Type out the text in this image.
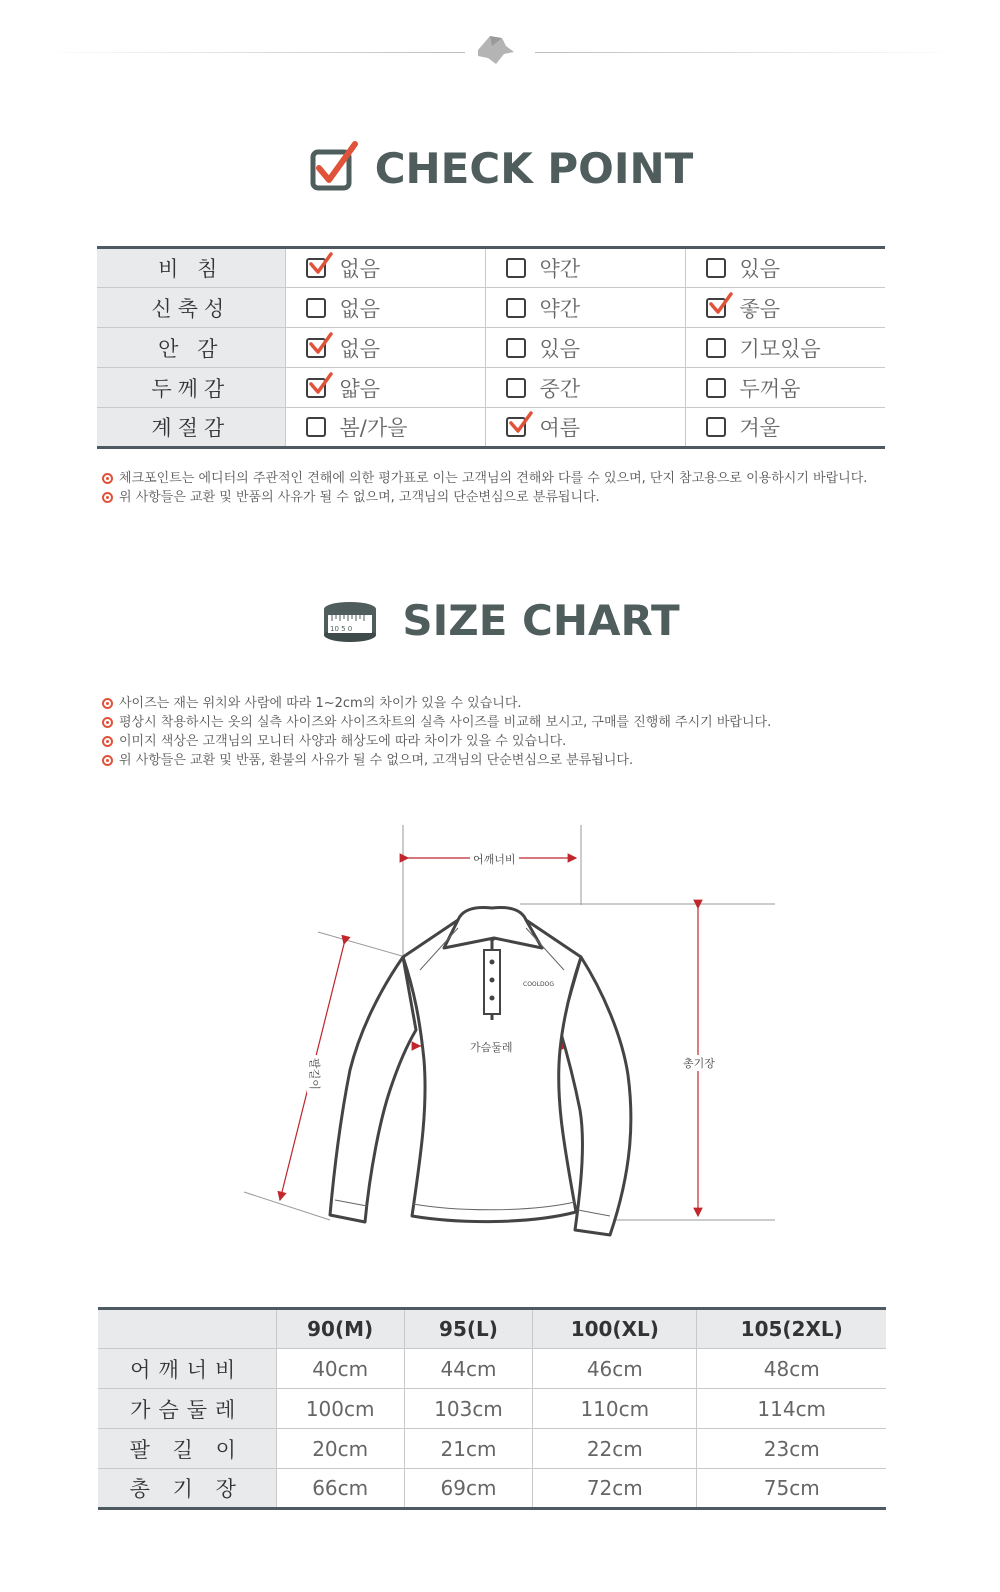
CHECK POINT
비 침	없음	약간	있음

신축성	없음	약간	좋음

안 감	없음	있음	기모있음

두께감	얇음	중간	두꺼움

계절감	봄/가을	여름	겨울
체크포인트는 에디터의 주관적인 견해에 의한 평가표로 이는 고객님의 견해와 다를 수 있으며, 단지 참고용으로 이용하시기 바랍니다.
위 사항들은 교환 및 반품의 사유가 될 수 없으며, 고객님의 단순변심으로 분류됩니다.
10 5 0 SIZE CHART
사이즈는 재는 위치와 사람에 따라 1~2cm의 차이가 있을 수 있습니다.
평상시 착용하시는 옷의 실측 사이즈와 사이즈차트의 실측 사이즈를 비교해 보시고, 구매를 진행해 주시기 바랍니다.
이미지 색상은 고객님의 모니터 사양과 해상도에 따라 차이가 있을 수 있습니다.
위 사항들은 교환 및 반품, 환불의 사유가 될 수 없으며, 고객님의 단순변심으로 분류됩니다.
COOLDOG
어깨너비
가슴둘레
총기장
팔길이
	90(M)	95(L)	100(XL)	105(2XL)
어깨너비	40cm	44cm	46cm	48cm
가슴둘레	100cm	103cm	110cm	114cm
팔 길 이	20cm	21cm	22cm	23cm
총 기 장	66cm	69cm	72cm	75cm
